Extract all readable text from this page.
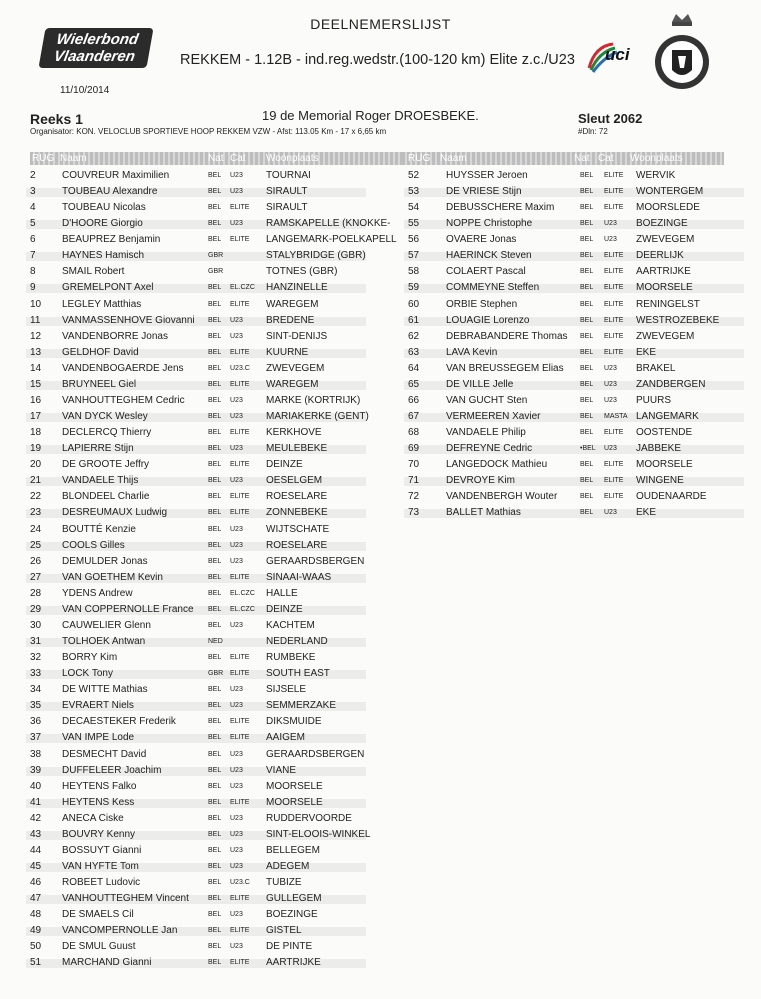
Wielerbond
Vlaanderen
11/10/2014
DEELNEMERSLIJST
REKKEM - 1.12B - ind.reg.wedstr.(100-120 km) Elite z.c./U23 uci
Reeks 1
Organisator: KON. VELOCLUB SPORTIEVE HOOP REKKEM VZW - Afst: 113.05 Km - 17 x 6,65 km
19 de Memorial Roger DROESBEKE.	Sleut 2062
#Dln: 72
RUG Naam	Nat Cat Woonplaats	RUG Naam	Nat Cat Woonplaats
2	COUVREUR Maximilien	BEL U23 TOURNAI
3	TOUBEAU Alexandre	BEL U23 SIRAULT
4	TOUBEAU Nicolas	BEL ELITE SIRAULT
5	D'HOORE Giorgio	BEL U23 RAMSKAPELLE (KNOKKE-
6	BEAUPREZ Benjamin	BEL ELITE LANGEMARK-POELKAPELL
7	HAYNES Hamisch	GBR	STALYBRIDGE (GBR)
8	SMAIL Robert	GBR	TOTNES (GBR)
9	GREMELPONT Axel	BEL EL.CZC HANZINELLE
10	LEGLEY Matthias	BEL ELITE WAREGEM
11	VANMASSENHOVE Giovanni BEL U23 BREDENE
12	VANDENBORRE Jonas	BEL U23 SINT-DENIJS
13	GELDHOF David	BEL ELITE KUURNE
14	VANDENBOGAERDE Jens	BEL U23.C ZWEVEGEM
15	BRUYNEEL Giel	BEL ELITE WAREGEM
16	VANHOUTTEGHEM Cedric	BEL U23 MARKE (KORTRIJK)
17	VAN DYCK Wesley	BEL U23 MARIAKERKE (GENT)
18	DECLERCQ Thierry	BEL ELITE KERKHOVE
19	LAPIERRE Stijn	BEL U23 MEULEBEKE
20	DE GROOTE Jeffry	BEL ELITE DEINZE
21	VANDAELE Thijs	BEL U23 OESELGEM
22	BLONDEEL Charlie	BEL ELITE ROESELARE
23	DESREUMAUX Ludwig	BEL ELITE ZONNEBEKE
24	BOUTTÉ Kenzie	BEL U23 WIJTSCHATE
25	COOLS Gilles	BEL U23 ROESELARE
26	DEMULDER Jonas	BEL U23 GERAARDSBERGEN
27	VAN GOETHEM Kevin	BEL ELITE SINAAI-WAAS
28	YDENS Andrew	BEL EL.CZC HALLE
29	VAN COPPERNOLLE France BEL EL.CZC DEINZE
30	CAUWELIER Glenn	BEL U23 KACHTEM
31	TOLHOEK Antwan	NED	NEDERLAND
32	BORRY Kim	BEL ELITE RUMBEKE
33	LOCK Tony	GBR ELITE SOUTH EAST
34	DE WITTE Mathias	BEL U23 SIJSELE
35	EVRAERT Niels	BEL U23 SEMMERZAKE
36	DECAESTEKER Frederik	BEL ELITE DIKSMUIDE
37	VAN IMPE Lode	BEL ELITE AAIGEM
38	DESMECHT David	BEL U23 GERAARDSBERGEN
39	DUFFELEER Joachim	BEL U23 VIANE
40	HEYTENS Falko	BEL U23 MOORSELE
41	HEYTENS Kess	BEL ELITE MOORSELE
42	ANECA Ciske	BEL U23 RUDDERVOORDE
43	BOUVRY Kenny	BEL U23 SINT-ELOOIS-WINKEL
44	BOSSUYT Gianni	BEL U23 BELLEGEM
45	VAN HYFTE Tom	BEL U23 ADEGEM
46	ROBEET Ludovic	BEL U23.C TUBIZE
47	VANHOUTTEGHEM Vincent	BEL ELITE GULLEGEM
48	DE SMAELS Cil	BEL U23 BOEZINGE
49	VANCOMPERNOLLE Jan	BEL ELITE GISTEL
50	DE SMUL Guust	BEL U23 DE PINTE
51	MARCHAND Gianni	BEL ELITE AARTRIJKE
52	HUYSSER Jeroen	BEL ELITE WERVIK
53	DE VRIESE Stijn	BEL ELITE WONTERGEM
54	DEBUSSCHERE Maxim	BEL ELITE MOORSLEDE
55	NOPPE Christophe	BEL U23 BOEZINGE
56	OVAERE Jonas	BEL U23 ZWEVEGEM
57	HAERINCK Steven	BEL ELITE DEERLIJK
58	COLAERT Pascal	BEL ELITE AARTRIJKE
59	COMMEYNE Steffen	BEL ELITE MOORSELE
60	ORBIE Stephen	BEL ELITE RENINGELST
61	LOUAGIE Lorenzo	BEL ELITE WESTROZEBEKE
62	DEBRABANDERE Thomas BEL ELITE ZWEVEGEM
63	LAVA Kevin	BEL ELITE EKE
64	VAN BREUSSEGEM Elias BEL U23 BRAKEL
65	DE VILLE Jelle	BEL U23 ZANDBERGEN
66	VAN GUCHT Sten	BEL U23 PUURS
67	VERMEEREN Xavier	BEL MASTA LANGEMARK
68	VANDAELE Philip	BEL ELITE OOSTENDE
69	DEFREYNE Cedric	•BEL U23 JABBEKE
70	LANGEDOCK Mathieu	BEL ELITE MOORSELE
71	DEVROYE Kim	BEL ELITE WINGENE
72	VANDENBERGH Wouter	BEL ELITE OUDENAARDE
73	BALLET Mathias	BEL U23 EKE
